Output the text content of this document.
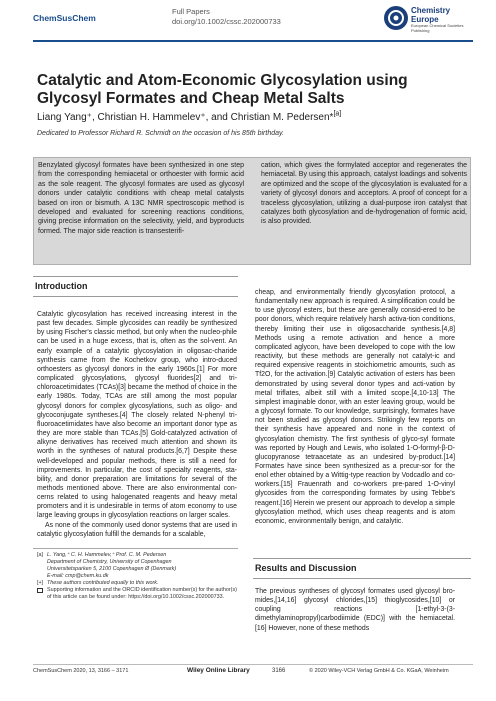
ChemSusChem
Full Papers
doi.org/10.1002/cssc.202000733
Chemistry Europe
European Chemical Societies Publishing
Catalytic and Atom-Economic Glycosylation using Glycosyl Formates and Cheap Metal Salts
Liang Yang⁺, Christian H. Hammelev⁺, and Christian M. Pedersen*[a]
Dedicated to Professor Richard R. Schmidt on the occasion of his 85th birthday.

Benzylated glycosyl formates have been synthesized in one step from the corresponding hemiacetal or orthoester with formic acid as the sole reagent. The glycosyl formates are used as glycosyl donors under catalytic conditions with cheap metal catalysts based on iron or bismuth. A 13C NMR spectroscopic method is developed and evaluated for screening reactions conditions, giving precise information on the selectivity, yield, and byproducts formed. The major side reaction is transesterifi-

cation, which gives the formylated acceptor and regenerates the hemiacetal. By using this approach, catalyst loadings and solvents are optimized and the scope of the glycosylation is evaluated for a variety of glycosyl donors and acceptors. A proof of concept for a traceless glycosylation, utilizing a dual-purpose iron catalyst that catalyzes both glycosylation and de-hydrogenation of formic acid, is also provided.

Introduction

Catalytic glycosylation has received increasing interest in the past few decades. Simple glycosides can readily be synthesized by using Fischer's classic method, but only when the nucleo-phile can be used in a huge excess, that is, often as the sol-vent. An early example of a catalytic glycosylation in oligosac-charide synthesis came from the Kochetkov group, who intro-duced orthoesters as glycosyl donors in the early 1960s.[1] For more complicated glycosylations, glycosyl fluorides[2] and tri-chloroacetimidates (TCAs)[3] became the method of choice in the early 1980s. Today, TCAs are still among the most popular glycosyl donors for complex glycosylations, such as oligo- and glycoconjugate syntheses.[4] The closely related N-phenyl tri-fluoroacetimidates have also become an important donor type as they are more stable than TCAs.[5] Gold-catalyzed activation of alkyne derivatives has received much attention and shown its worth in the syntheses of natural products.[6,7] Despite these well-developed and popular methods, there is still a need for improvements. In particular, the cost of specialty reagents, sta-bility, and donor preparation are limitations for several of the methods mentioned above. There are also environmental con-cerns related to using halogenated reagents and heavy metal promoters and it is undesirable in terms of atom economy to use large leaving groups in glycosylation reactions on larger scales.

As none of the commonly used donor systems that are used in catalytic glycosylation fulfill the demands for a scalable,

[a] L. Yang,⁺ C. H. Hammelev,⁺ Prof. C. M. Pedersen
Department of Chemistry, University of Copenhagen
Universitetsparken 5, 2100 Copenhagen Ø (Denmark)
E-mail: cmp@chem.ku.dk
[+] These authors contributed equally to this work.
Supporting information and the ORCID identification number(s) for the author(s) of this article can be found under: https://doi.org/10.1002/cssc.202000733.

cheap, and environmentally friendly glycosylation protocol, a fundamentally new approach is required. A simplification could be to use glycosyl esters, but these are generally consid-ered to be poor donors, which require relatively harsh activa-tion conditions, thereby limiting their use in oligosaccharide synthesis.[4,8] Methods using a remote activation and hence a more complicated aglycon, have been developed to cope with the low reactivity, but these methods are generally not catalyt-ic and required expensive reagents in stoichiometric amounts, such as Tf2O, for the activation.[9] Catalytic activation of esters has been demonstrated by using several donor types and acti-vation by metal triflates, albeit still with a limited scope.[4,10-13] The simplest imaginable donor, with an ester leaving group, would be a glycosyl formate. To our knowledge, surprisingly, formates have not been studied as glycosyl donors. Strikingly few reports on their synthesis have appeared and none in the context of glycosylation chemistry. The first synthesis of glyco-syl formate was reported by Hough and Lewis, who isolated 1-O-formyl-β-D-glucopyranose tetraacetate as an undesired by-product.[14] Formates have since been synthesized as a precur-sor for the enol ether obtained by a Wittig-type reaction by Vodcadlo and co-workers.[15] Frauenrath and co-workers pre-pared 1-O-vinyl glycosides from the corresponding formates by using Tebbe's reagent.[16] Herein we present our approach to develop a simple glycosylation method, which uses cheap reagents and is atom economic, environmentally benign, and catalytic.

Results and Discussion

The previous syntheses of glycosyl formates used glycosyl bro-mides,[14,16] glycosyl chlorides,[15] thioglycosides,[10] or coupling reactions [1-ethyl-3-(3-dimethylaminopropyl)carbodiimide (EDC)] with the hemiacetal.[16] However, none of these methods

ChemSusChem 2020, 13, 3166 – 3171	Wiley Online Library	3166	© 2020 Wiley-VCH Verlag GmbH & Co. KGaA, Weinheim
